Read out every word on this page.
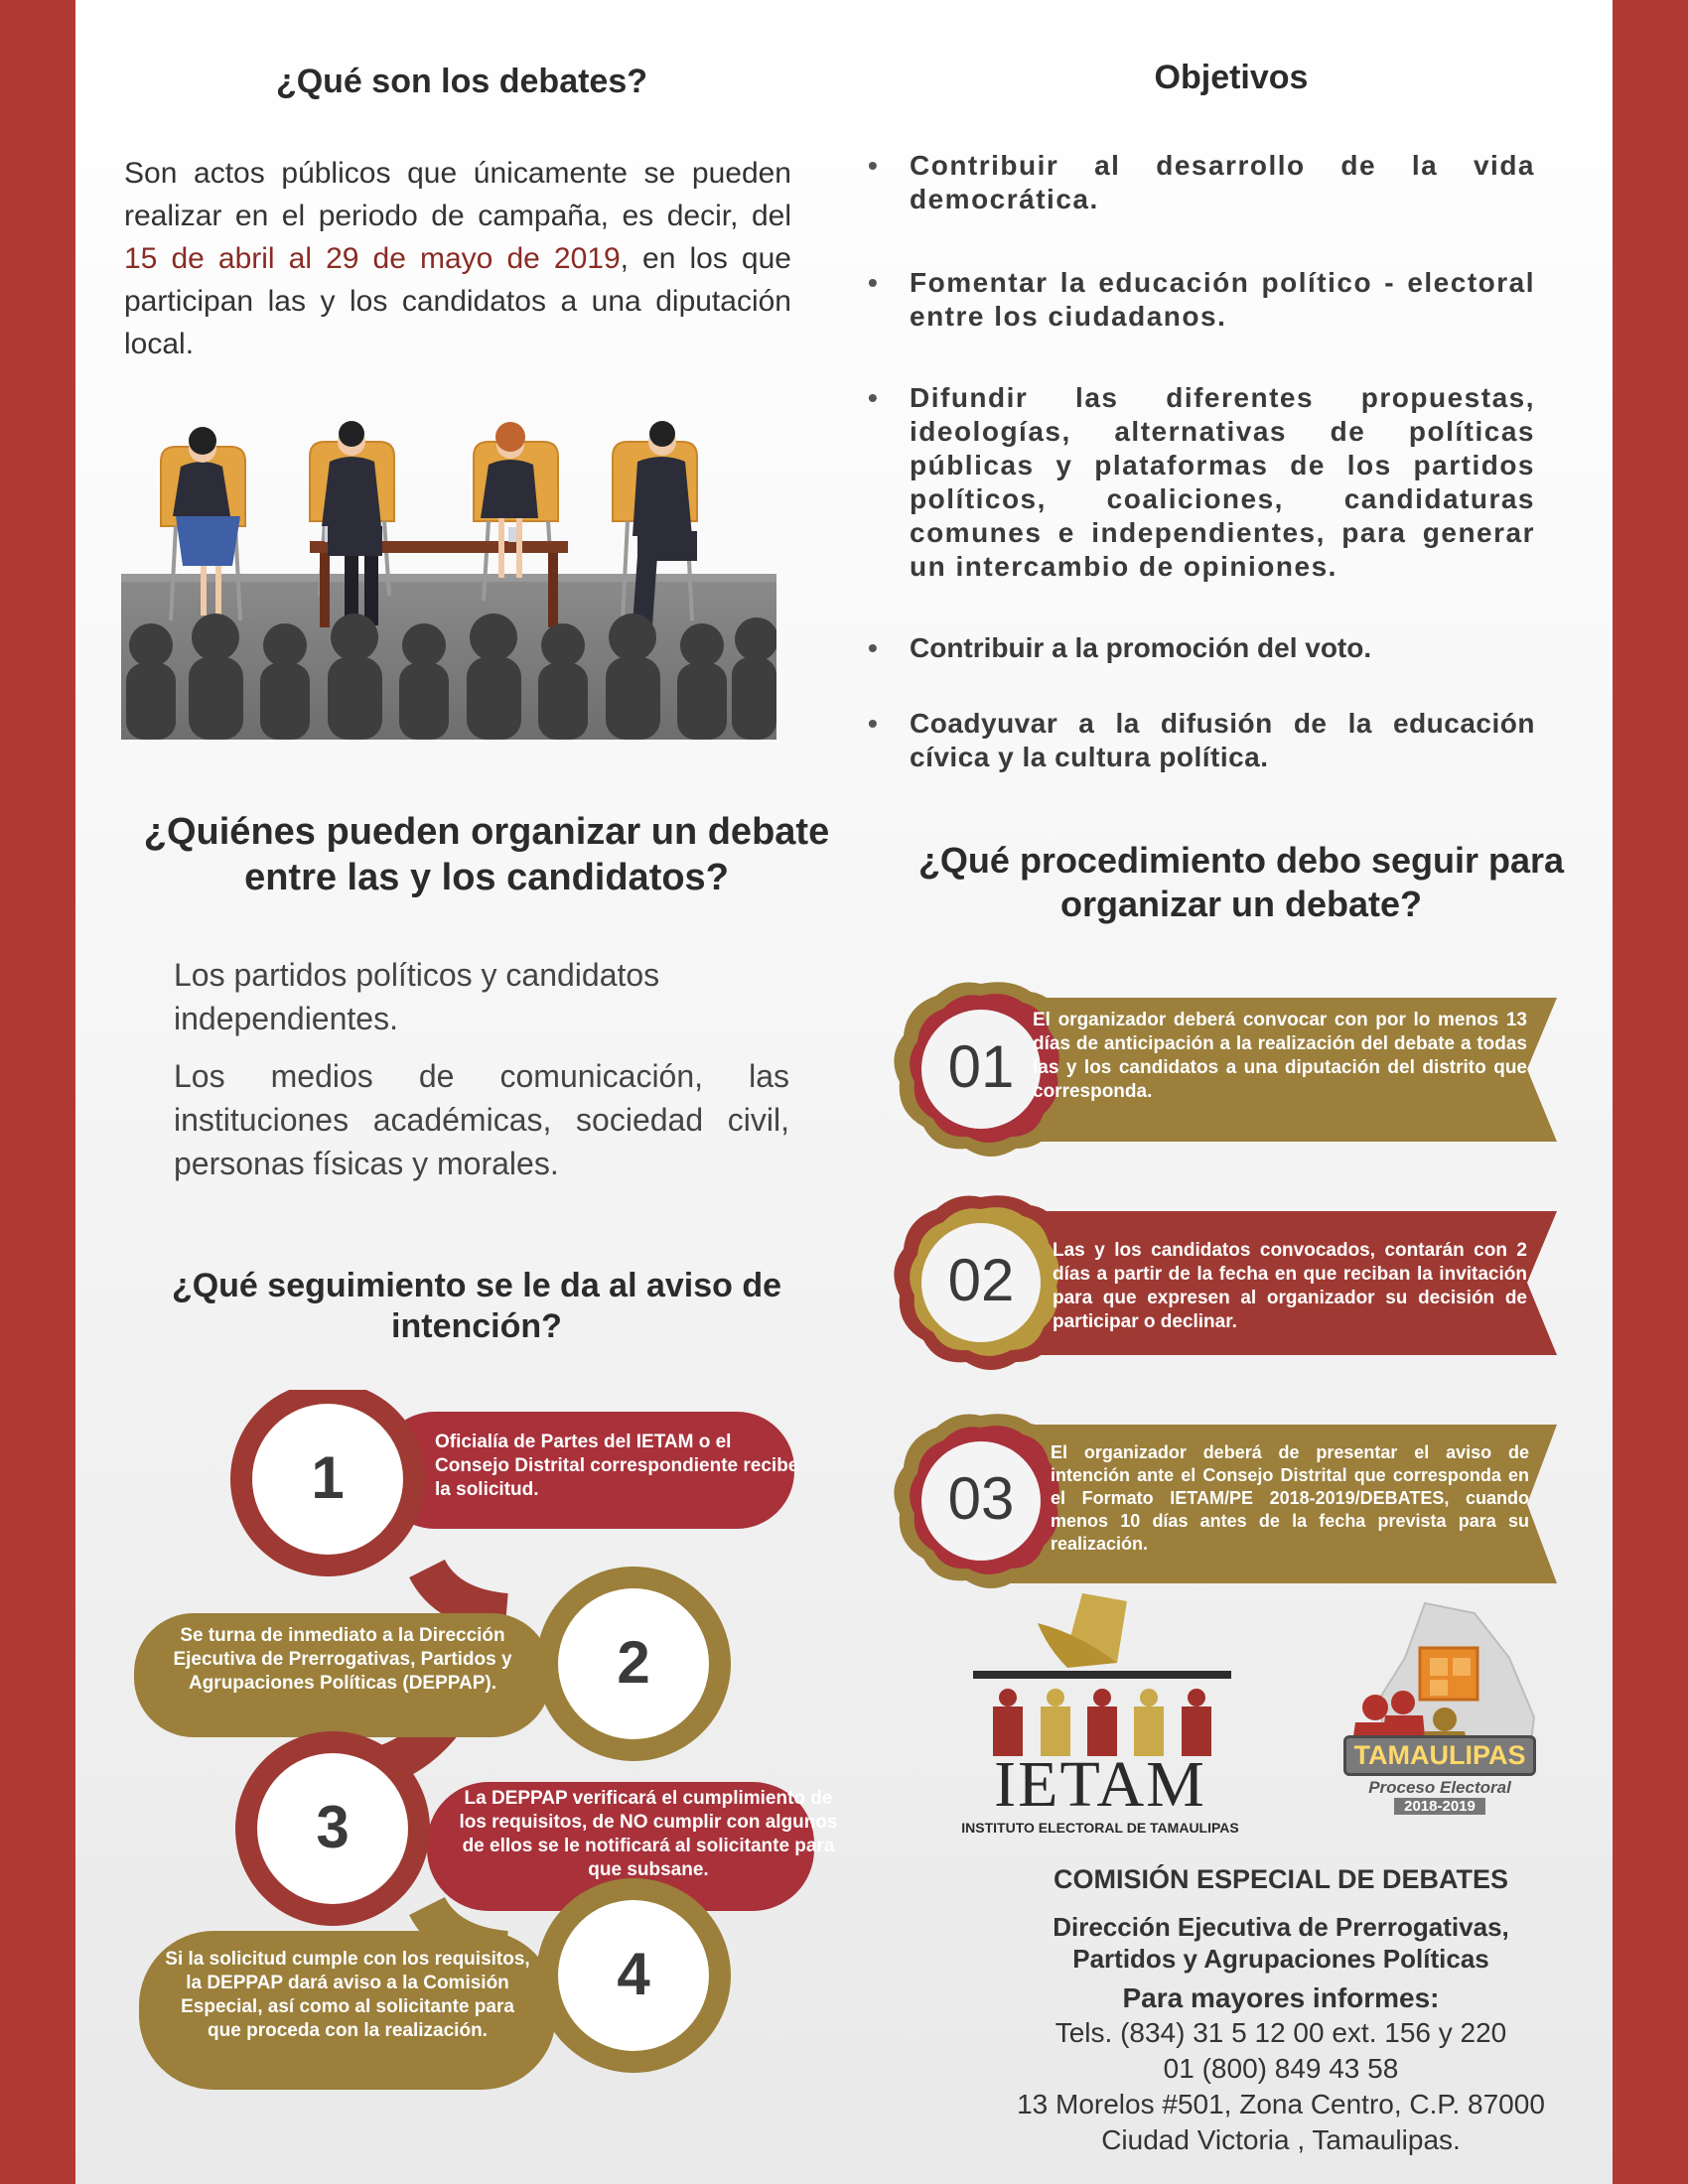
¿Qué son los debates?

Son actos públicos que únicamente se pueden realizar en el periodo de campaña, es decir, del 15 de abril al 29 de mayo de 2019, en los que participan las y los candidatos a una diputación local.

Objetivos
• Contribuir al desarrollo de la vida democrática.
• Fomentar la educación político - electoral entre los ciudadanos.
• Difundir las diferentes propuestas, ideologías, alternativas de políticas públicas y plataformas de los partidos políticos, coaliciones, candidaturas comunes e independientes, para generar un intercambio de opiniones.
• Contribuir a la promoción del voto.
• Coadyuvar a la difusión de la educación cívica y la cultura política.
¿Quiénes pueden organizar un debate entre las y los candidatos?

Los partidos políticos y candidatos independientes.

Los medios de comunicación, las instituciones académicas, sociedad civil, personas físicas y morales.

¿Qué procedimiento debo seguir para organizar un debate?
01
El organizador deberá convocar con por lo menos 13 días de anticipación a la realización del debate a todas las y los candidatos a una diputación del distrito que corresponda.
02	Las y los candidatos convocados, contarán con 2 días a partir de la fecha en que reciban la invitación para que expresen al organizador su decisión de participar o declinar.
03
El organizador deberá de presentar el aviso de intención ante el Consejo Distrital que corresponda en el Formato IETAM/PE 2018-2019/DEBATES, cuando menos 10 días antes de la fecha prevista para su realización.
¿Qué seguimiento se le da al aviso de intención?
1
Oficialía de Partes del IETAM o el Consejo Distrital correspondiente recibe la solicitud.
2
Se turna de inmediato a la Dirección Ejecutiva de Prerrogativas, Partidos y Agrupaciones Políticas (DEPPAP).
3	La DEPPAP verificará el cumplimiento de los requisitos, de NO cumplir con algunos de ellos se le notificará al solicitante para que subsane.
4
Si la solicitud cumple con los requisitos, la DEPPAP dará aviso a la Comisión Especial, así como al solicitante para que proceda con la realización.
IETAM
INSTITUTO ELECTORAL DE TAMAULIPAS
TAMAULIPAS
Proceso Electoral
2018-2019
COMISIÓN ESPECIAL DE DEBATES
Dirección Ejecutiva de Prerrogativas,
Partidos y Agrupaciones Políticas
Para mayores informes:
Tels. (834) 31 5 12 00 ext. 156 y 220
01 (800) 849 43 58
13 Morelos #501, Zona Centro, C.P. 87000
Ciudad Victoria , Tamaulipas.
